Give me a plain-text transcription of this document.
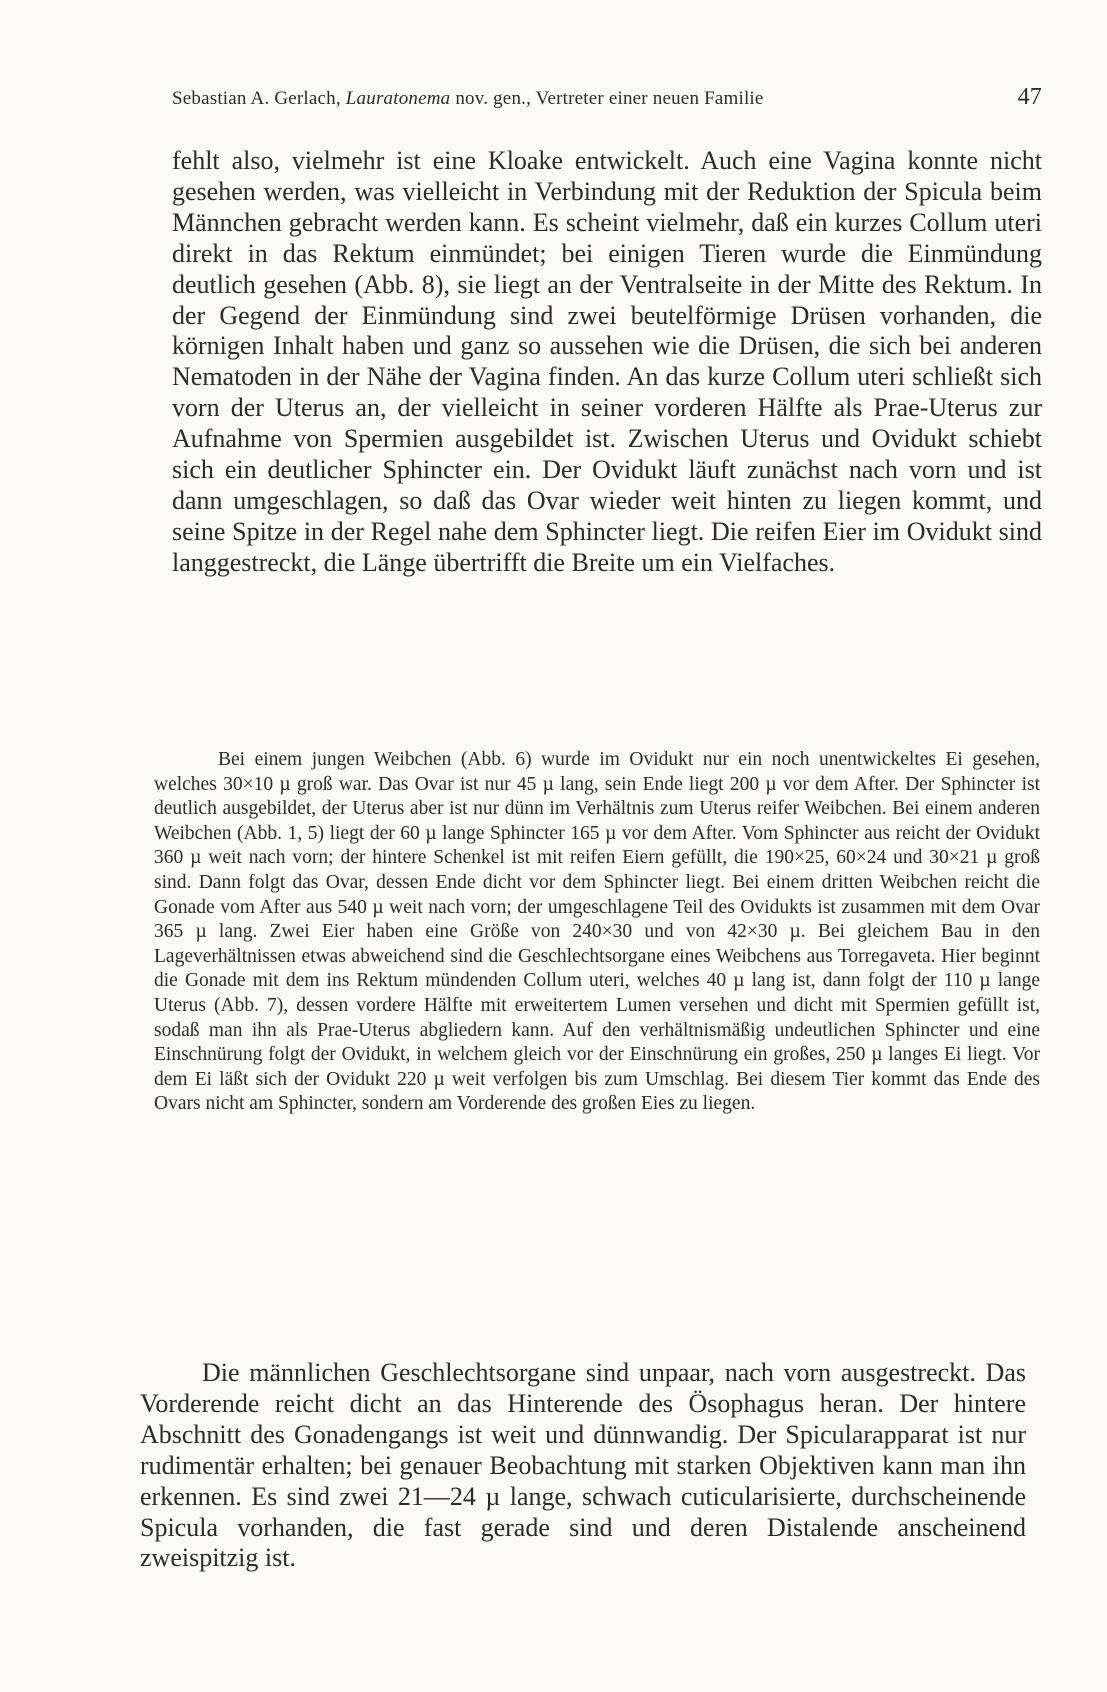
Sebastian A. Gerlach, Lauratonema nov. gen., Vertreter einer neuen Familie	47

fehlt also, vielmehr ist eine Kloake entwickelt. Auch eine Vagina konnte nicht gesehen werden, was vielleicht in Verbindung mit der Reduktion der Spicula beim Männchen gebracht werden kann. Es scheint vielmehr, daß ein kurzes Collum uteri direkt in das Rektum einmündet; bei einigen Tieren wurde die Einmündung deutlich gesehen (Abb. 8), sie liegt an der Ventralseite in der Mitte des Rektum. In der Gegend der Einmündung sind zwei beutelförmige Drüsen vorhanden, die körnigen Inhalt haben und ganz so aussehen wie die Drüsen, die sich bei anderen Nematoden in der Nähe der Vagina finden. An das kurze Collum uteri schließt sich vorn der Uterus an, der vielleicht in seiner vorderen Hälfte als Prae-Uterus zur Aufnahme von Spermien ausgebildet ist. Zwischen Uterus und Ovidukt schiebt sich ein deutlicher Sphincter ein. Der Ovidukt läuft zunächst nach vorn und ist dann umgeschlagen, so daß das Ovar wieder weit hinten zu liegen kommt, und seine Spitze in der Regel nahe dem Sphincter liegt. Die reifen Eier im Ovidukt sind langgestreckt, die Länge übertrifft die Breite um ein Vielfaches.

Bei einem jungen Weibchen (Abb. 6) wurde im Ovidukt nur ein noch unentwickeltes Ei gesehen, welches 30×10 µ groß war. Das Ovar ist nur 45 µ lang, sein Ende liegt 200 µ vor dem After. Der Sphincter ist deutlich ausgebildet, der Uterus aber ist nur dünn im Verhältnis zum Uterus reifer Weibchen. Bei einem anderen Weibchen (Abb. 1, 5) liegt der 60 µ lange Sphincter 165 µ vor dem After. Vom Sphincter aus reicht der Ovidukt 360 µ weit nach vorn; der hintere Schenkel ist mit reifen Eiern gefüllt, die 190×25, 60×24 und 30×21 µ groß sind. Dann folgt das Ovar, dessen Ende dicht vor dem Sphincter liegt. Bei einem dritten Weibchen reicht die Gonade vom After aus 540 µ weit nach vorn; der umgeschlagene Teil des Ovidukts ist zusammen mit dem Ovar 365 µ lang. Zwei Eier haben eine Größe von 240×30 und von 42×30 µ. Bei gleichem Bau in den Lageverhältnissen etwas abweichend sind die Geschlechtsorgane eines Weibchens aus Torregaveta. Hier beginnt die Gonade mit dem ins Rektum mündenden Collum uteri, welches 40 µ lang ist, dann folgt der 110 µ lange Uterus (Abb. 7), dessen vordere Hälfte mit erweitertem Lumen versehen und dicht mit Spermien gefüllt ist, sodaß man ihn als Prae-Uterus abgliedern kann. Auf den verhältnismäßig undeutlichen Sphincter und eine Einschnürung folgt der Ovidukt, in welchem gleich vor der Einschnürung ein großes, 250 µ langes Ei liegt. Vor dem Ei läßt sich der Ovidukt 220 µ weit verfolgen bis zum Umschlag. Bei diesem Tier kommt das Ende des Ovars nicht am Sphincter, sondern am Vorderende des großen Eies zu liegen.

Die männlichen Geschlechtsorgane sind unpaar, nach vorn ausgestreckt. Das Vorderende reicht dicht an das Hinterende des Ösophagus heran. Der hintere Abschnitt des Gonadengangs ist weit und dünnwandig. Der Spicularapparat ist nur rudimentär erhalten; bei genauer Beobachtung mit starken Objektiven kann man ihn erkennen. Es sind zwei 21—24 µ lange, schwach cuticularisierte, durchscheinende Spicula vorhanden, die fast gerade sind und deren Distalende anscheinend zweispitzig ist.
